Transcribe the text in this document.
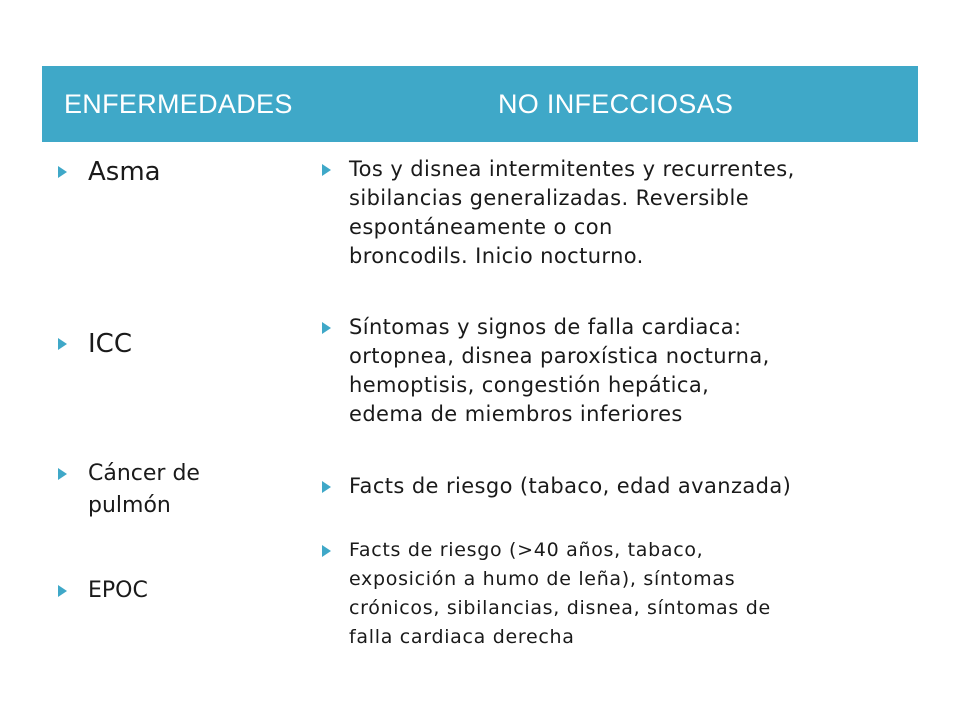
ENFERMEDADES	NO INFECCIOSAS
Asma
ICC
Cáncer de
pulmón
EPOC
Tos y disnea intermitentes y recurrentes,
sibilancias generalizadas. Reversible
espontáneamente o con
broncodils. Inicio nocturno.
Síntomas y signos de falla cardiaca:
ortopnea, disnea paroxística nocturna,
hemoptisis, congestión hepática,
edema de miembros inferiores
Facts de riesgo (tabaco, edad avanzada)
Facts de riesgo (>40 años, tabaco,
exposición a humo de leña), síntomas
crónicos, sibilancias, disnea, síntomas de
falla cardiaca derecha
